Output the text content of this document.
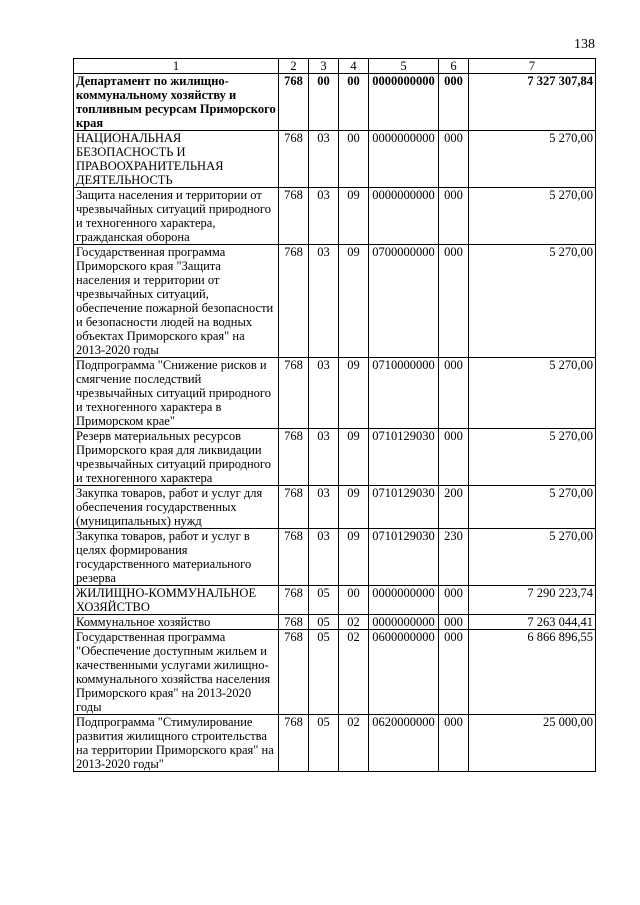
138
1	2	3	4	5	6	7
Департамент по жилищно-коммунальному хозяйству и топливным ресурсам Приморского края	768	00	00	0000000000	000	7 327 307,84
НАЦИОНАЛЬНАЯ БЕЗОПАСНОСТЬ И ПРАВООХРАНИТЕЛЬНАЯ ДЕЯТЕЛЬНОСТЬ	768	03	00	0000000000	000	5 270,00
Защита населения и территории от чрезвычайных ситуаций природного и техногенного характера, гражданская оборона	768	03	09	0000000000	000	5 270,00
Государственная программа Приморского края "Защита населения и территории от чрезвычайных ситуаций, обеспечение пожарной безопасности и безопасности людей на водных объектах Приморского края" на 2013-2020 годы	768	03	09	0700000000	000	5 270,00
Подпрограмма "Снижение рисков и смягчение последствий чрезвычайных ситуаций природного и техногенного характера в Приморском крае"	768	03	09	0710000000	000	5 270,00
Резерв материальных ресурсов Приморского края для ликвидации чрезвычайных ситуаций природного и техногенного характера	768	03	09	0710129030	000	5 270,00
Закупка товаров, работ и услуг для обеспечения государственных (муниципальных) нужд	768	03	09	0710129030	200	5 270,00
Закупка товаров, работ и услуг в целях формирования государственного материального резерва	768	03	09	0710129030	230	5 270,00
ЖИЛИЩНО-КОММУНАЛЬНОЕ ХОЗЯЙСТВО	768	05	00	0000000000	000	7 290 223,74
Коммунальное хозяйство	768	05	02	0000000000	000	7 263 044,41
Государственная программа "Обеспечение доступным жильем и качественными услугами жилищно-коммунального хозяйства населения Приморского края" на 2013-2020 годы	768	05	02	0600000000	000	6 866 896,55
Подпрограмма "Стимулирование развития жилищного строительства на территории Приморского края" на 2013-2020 годы"	768	05	02	0620000000	000	25 000,00
